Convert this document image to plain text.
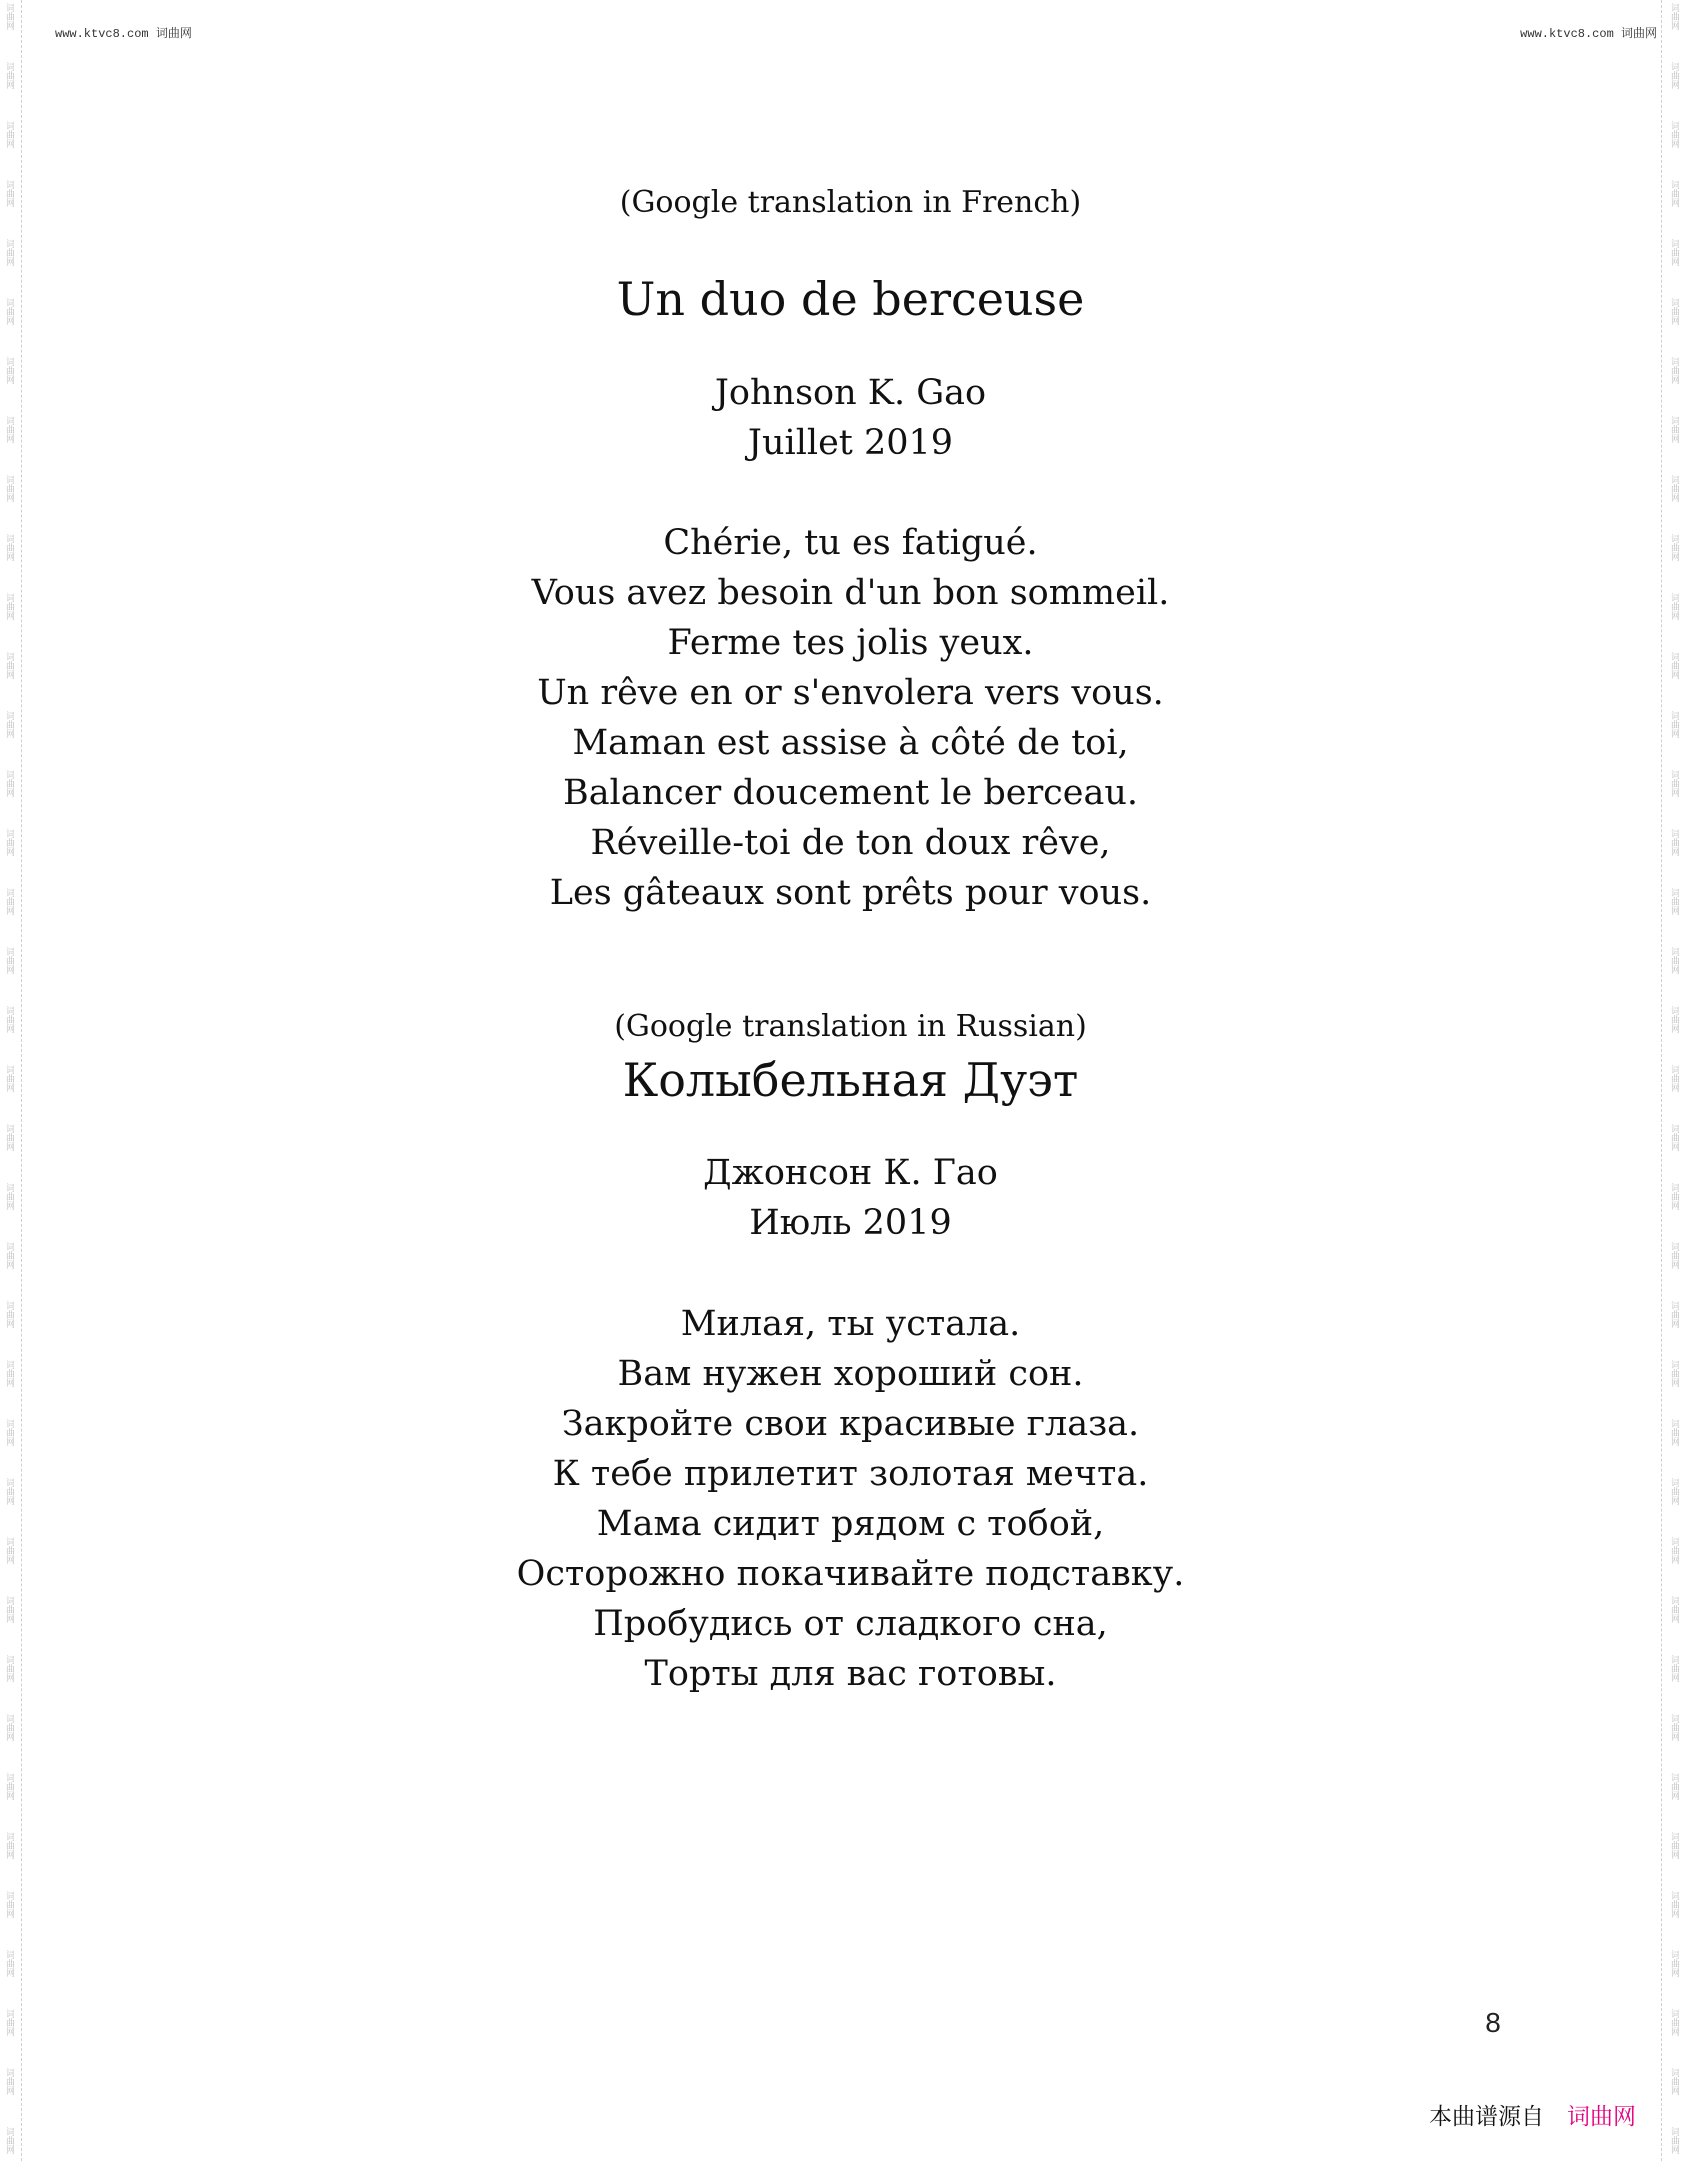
www.ktvc8.com 词曲网	www.ktvc8.com 词曲网
词曲网
词曲网
词曲网
词曲网
词曲网
词曲网
词曲网
词曲网
词曲网
词曲网
词曲网
词曲网
词曲网
词曲网
词曲网
词曲网
词曲网
词曲网
词曲网
词曲网
词曲网
词曲网
词曲网
词曲网
词曲网
词曲网
词曲网
词曲网
词曲网
词曲网
词曲网
词曲网
词曲网
词曲网
词曲网
词曲网
词曲网
词曲网
词曲网
词曲网
词曲网
词曲网
词曲网
词曲网
词曲网
词曲网
词曲网
词曲网
词曲网
词曲网
词曲网
词曲网
词曲网
词曲网
词曲网
词曲网
词曲网
词曲网
词曲网
词曲网
词曲网
词曲网
词曲网
词曲网
词曲网
词曲网
词曲网
词曲网
词曲网
词曲网
词曲网
词曲网
词曲网
词曲网
(Google translation in French)
Un duo de berceuse
Johnson K. Gao
Juillet 2019
Chérie, tu es fatigué.
Vous avez besoin d'un bon sommeil.
Ferme tes jolis yeux.
Un rêve en or s'envolera vers vous.
Maman est assise à côté de toi,
Balancer doucement le berceau.
Réveille-toi de ton doux rêve,
Les gâteaux sont prêts pour vous.
(Google translation in Russian)
Колыбельная Дуэт
Джонсон К. Гао
Июль 2019
Милая, ты устала.
Вам нужен хороший сон.
Закройте свои красивые глаза.
К тебе прилетит золотая мечта.
Мама сидит рядом с тобой,
Осторожно покачивайте подставку.
Пробудись от сладкого сна,
Торты для вас готовы.
8
本曲谱源自 词曲网
